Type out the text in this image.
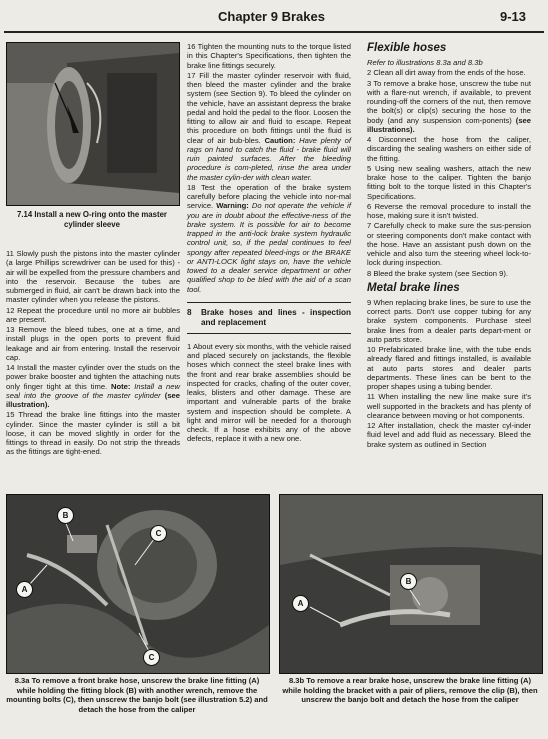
Chapter 9 Brakes	9-13
7.14 Install a new O-ring onto the master cylinder sleeve

11 Slowly push the pistons into the master cylinder (a large Phillips screwdriver can be used for this) - air will be expelled from the pressure chambers and into the reservoir. Because the tubes are submerged in fluid, air can't be drawn back into the master cylinder when you release the pistons.

12 Repeat the procedure until no more air bubbles are present.

13 Remove the bleed tubes, one at a time, and install plugs in the open ports to prevent fluid leakage and air from entering. Install the reservoir cap.

14 Install the master cylinder over the studs on the power brake booster and tighten the attaching nuts only finger tight at this time. Note: Install a new seal into the groove of the master cylinder (see illustration).

15 Thread the brake line fittings into the master cylinder. Since the master cylinder is still a bit loose, it can be moved slightly in order for the fittings to thread in easily. Do not strip the threads as the fittings are tight-ened.

16 Tighten the mounting nuts to the torque listed in this Chapter's Specifications, then tighten the brake line fittings securely.

17 Fill the master cylinder reservoir with fluid, then bleed the master cylinder and the brake system (see Section 9). To bleed the cylinder on the vehicle, have an assistant depress the brake pedal and hold the pedal to the floor. Loosen the fitting to allow air and fluid to escape. Repeat this procedure on both fittings until the fluid is clear of air bub-bles. Caution: Have plenty of rags on hand to catch the fluid - brake fluid will ruin painted surfaces. After the bleeding procedure is com-pleted, rinse the area under the master cylin-der with clean water.

18 Test the operation of the brake system carefully before placing the vehicle into nor-mal service. Warning: Do not operate the vehicle if you are in doubt about the effective-ness of the brake system. It is possible for air to become trapped in the anti-lock brake system hydraulic control unit, so, if the pedal continues to feel spongy after repeated bleed-ings or the BRAKE or ANTI-LOCK light stays on, have the vehicle towed to a dealer service department or other qualified shop to be bled with the aid of a scan tool.

8	Brake hoses and lines - inspection and replacement

1 About every six months, with the vehicle raised and placed securely on jackstands, the flexible hoses which connect the steel brake lines with the front and rear brake assemblies should be inspected for cracks, chafing of the outer cover, leaks, blisters and other damage. These are important and vulnerable parts of the brake system and inspection should be complete. A light and mirror will be needed for a thorough check. If a hose exhibits any of the above defects, replace it with a new one.

Flexible hoses

Refer to illustrations 8.3a and 8.3b

2 Clean all dirt away from the ends of the hose.

3 To remove a brake hose, unscrew the tube nut with a flare-nut wrench, if available, to prevent rounding-off the corners of the nut, then remove the bolt(s) or clip(s) securing the hose to the body (and any suspension com-ponents) (see illustrations).

4 Disconnect the hose from the caliper, discarding the sealing washers on either side of the fitting.

5 Using new sealing washers, attach the new brake hose to the caliper. Tighten the banjo fitting bolt to the torque listed in this Chapter's Specifications.

6 Reverse the removal procedure to install the hose, making sure it isn't twisted.

7 Carefully check to make sure the sus-pension or steering components don't make contact with the hose. Have an assistant push down on the vehicle and also turn the steering wheel lock-to-lock during inspection.

8 Bleed the brake system (see Section 9).

Metal brake lines

9 When replacing brake lines, be sure to use the correct parts. Don't use copper tubing for any brake system components. Purchase steel brake lines from a dealer parts depart-ment or auto parts store.

10 Prefabricated brake line, with the tube ends already flared and fittings installed, is available at auto parts stores and dealer parts departments. These lines can be bent to the proper shapes using a tubing bender.

11 When installing the new line make sure it's well supported in the brackets and has plenty of clearance between moving or hot components.

12 After installation, check the master cyl-inder fluid level and add fluid as necessary. Bleed the brake system as outlined in Section

B
C
A
C
8.3a To remove a front brake hose, unscrew the brake line fitting (A) while holding the fitting block (B) with another wrench, remove the mounting bolts (C), then unscrew the banjo bolt (see illustration 5.2) and detach the hose from the caliper
A
B
8.3b To remove a rear brake hose, unscrew the brake line fitting (A) while holding the bracket with a pair of pliers, remove the clip (B), then unscrew the banjo bolt and detach the hose from the caliper
